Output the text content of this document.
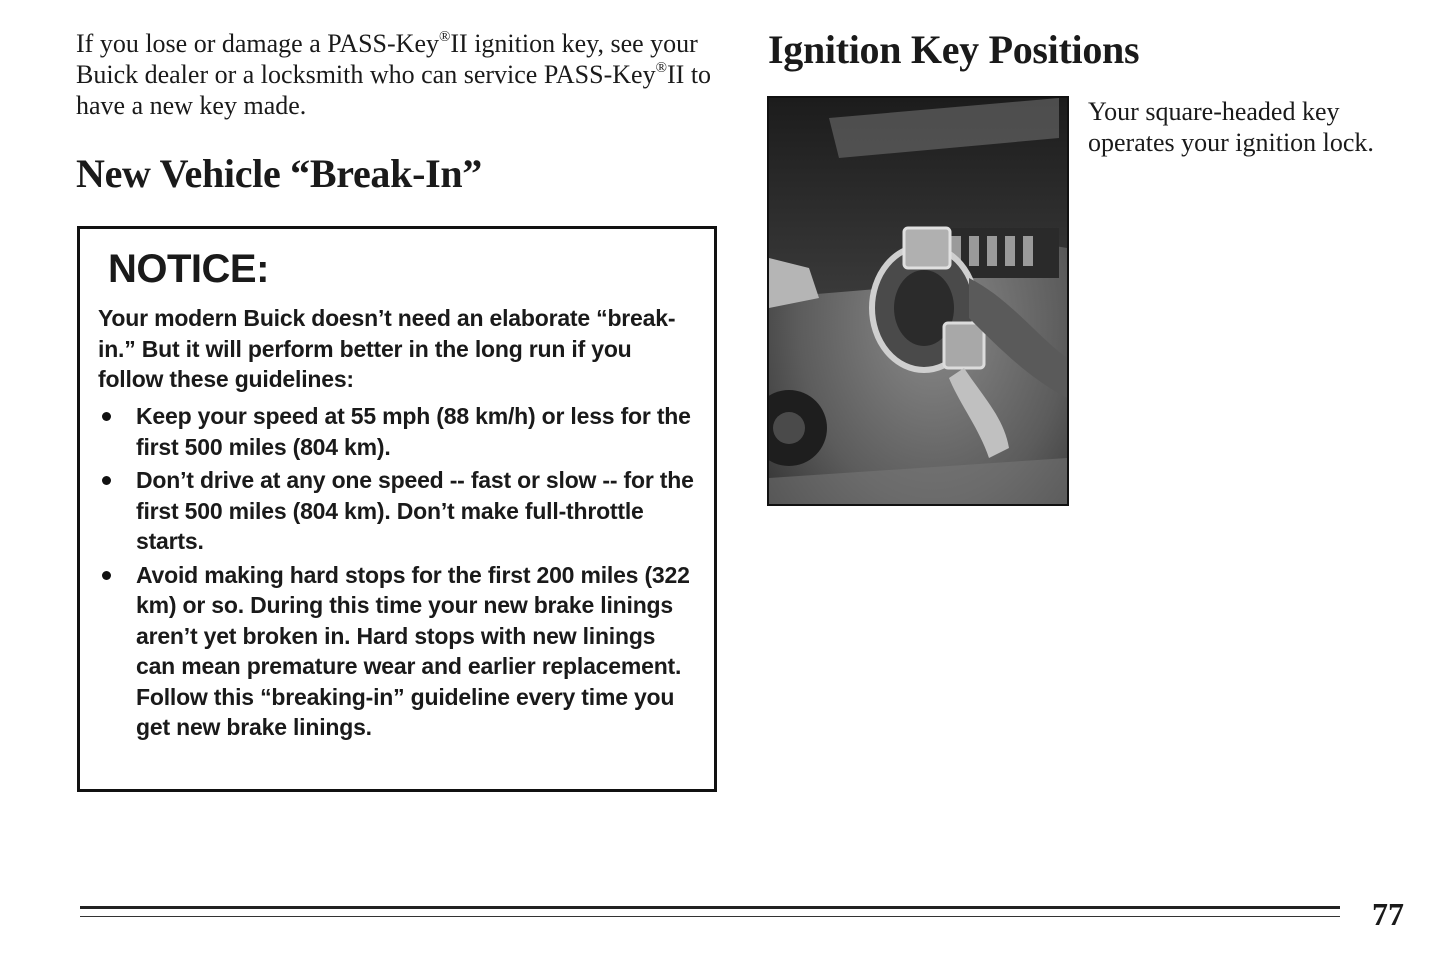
If you lose or damage a PASS-Key®II ignition key, see your Buick dealer or a locksmith who can service PASS-Key®II to have a new key made.

New Vehicle “Break-In”
NOTICE:

Your modern Buick doesn’t need an elaborate “break-in.” But it will perform better in the long run if you follow these guidelines:

Keep your speed at 55 mph (88 km/h) or less for the first 500 miles (804 km).
Don’t drive at any one speed -- fast or slow -- for the first 500 miles (804 km). Don’t make full-throttle starts.
Avoid making hard stops for the first 200 miles (322 km) or so. During this time your new brake linings aren’t yet broken in. Hard stops with new linings can mean premature wear and earlier replacement. Follow this “breaking-in” guideline every time you get new brake linings.
Ignition Key Positions

Your square-headed key operates your ignition lock.

77
